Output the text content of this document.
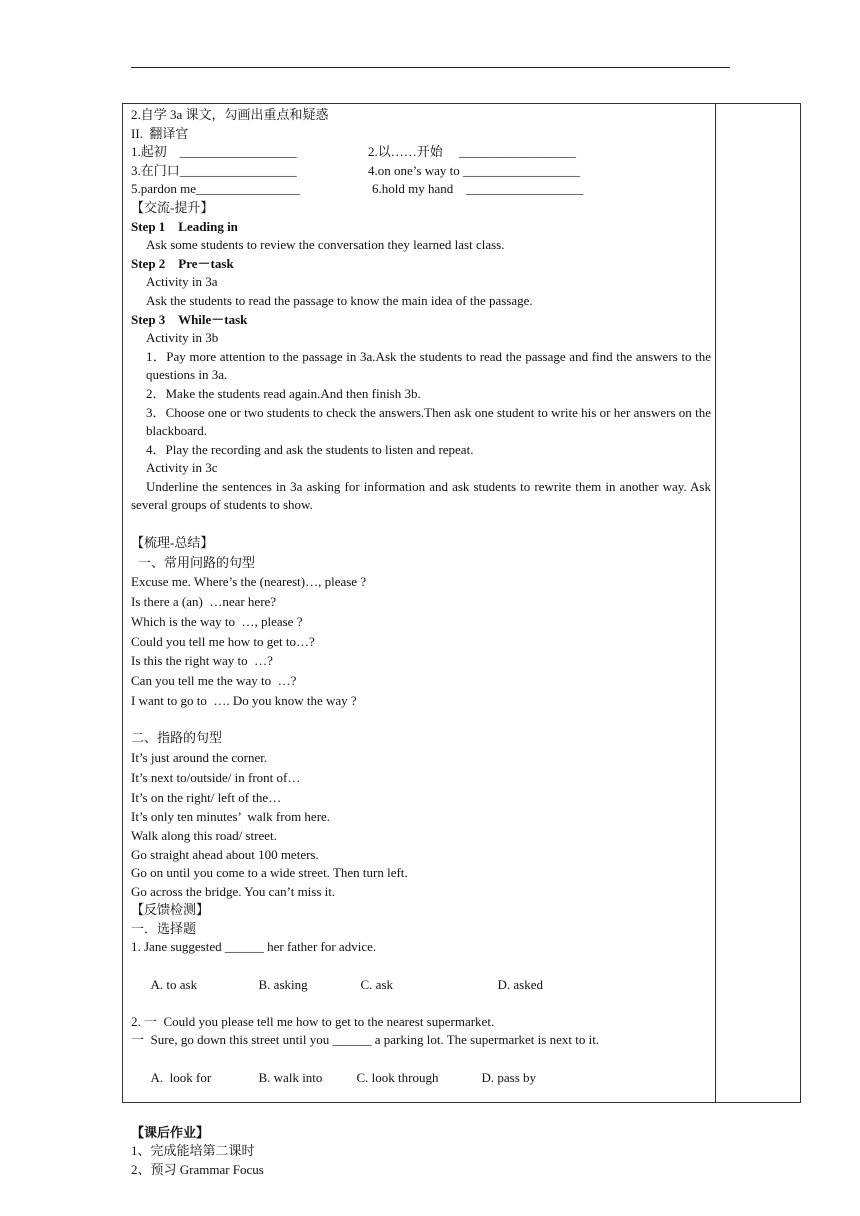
2.自学 3a 课文，勾画出重点和疑惑
II.  翻译官
1.起初    __________________	2.以……开始     __________________
3.在门口__________________	4.on one’s way to __________________
5.pardon me________________	6.hold my hand    __________________
【交流-提升】
Step 1    Leading in
Ask some students to review the conversation they learned last class.
Step 2    Pre－task
Activity in 3a
Ask the students to read the passage to know the main idea of the passage.
Step 3    While－task
Activity in 3b
1．Pay more attention to the passage in 3a.Ask the students to read the passage and find the answers to the questions in 3a.
2．Make the students read again.And then finish 3b.
3．Choose one or two students to check the answers.Then ask one student to write his or her answers on the blackboard.
4．Play the recording and ask the students to listen and repeat.
Activity in 3c
Underline the sentences in 3a asking for information and ask students to rewrite them in another way. Ask several groups of students to show.
【梳理-总结】
一、常用问路的句型
Excuse me. Where’s the (nearest)…, please ?
Is there a (an)  …near here?
Which is the way to  …, please ?
Could you tell me how to get to…?
Is this the right way to  …?
Can you tell me the way to  …?
I want to go to  …. Do you know the way ?
二、指路的句型
It’s just around the corner.
It’s next to/outside/ in front of…
It’s on the right/ left of the…
It’s only ten minutes’  walk from here.
Walk along this road/ street.
Go straight ahead about 100 meters.
Go on until you come to a wide street. Then turn left.
Go across the bridge. You can’t miss it.
【反馈检测】
一．选择题
1. Jane suggested ______ her father for advice.

A. to ask	B. asking	C. ask	D. asked

2. 一  Could you please tell me how to get to the nearest supermarket.
一  Sure, go down this street until you ______ a parking lot. The supermarket is next to it.

A.  look for	B. walk into	C. look through	D. pass by

【课后作业】
1、完成能培第二课时
2、预习 Grammar Focus
